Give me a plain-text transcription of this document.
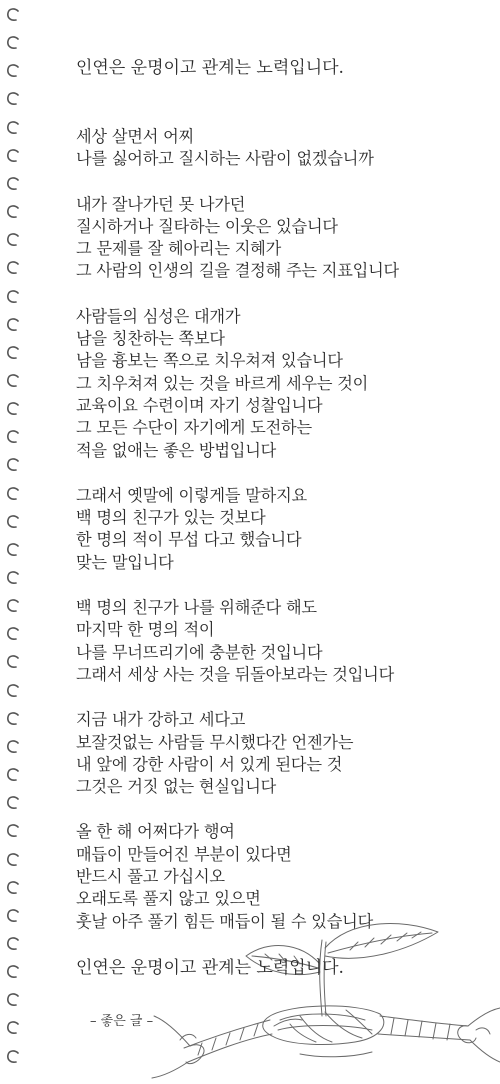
인연은 운명이고 관계는 노력입니다.
세상 살면서 어찌
나를 싫어하고 질시하는 사람이 없겠습니까
내가 잘나가던 못 나가던
질시하거나 질타하는 이웃은 있습니다
그 문제를 잘 헤아리는 지혜가
그 사람의 인생의 길을 결정해 주는 지표입니다
사람들의 심성은 대개가
남을 칭찬하는 쪽보다
남을 흉보는 쪽으로 치우쳐져 있습니다
그 치우쳐져 있는 것을 바르게 세우는 것이
교육이요 수련이며 자기 성찰입니다
그 모든 수단이 자기에게 도전하는
적을 없애는 좋은 방법입니다
그래서 옛말에 이렇게들 말하지요
백 명의 친구가 있는 것보다
한 명의 적이 무섭 다고 했습니다
맞는 말입니다
백 명의 친구가 나를 위해준다 해도
마지막 한 명의 적이
나를 무너뜨리기에 충분한 것입니다
그래서 세상 사는 것을 뒤돌아보라는 것입니다
지금 내가 강하고 세다고
보잘것없는 사람들 무시했다간 언젠가는
내 앞에 강한 사람이 서 있게 된다는 것
그것은 거짓 없는 현실입니다
올 한 해 어쩌다가 행여
매듭이 만들어진 부분이 있다면
반드시 풀고 가십시오
오래도록 풀지 않고 있으면
훗날 아주 풀기 힘든 매듭이 될 수 있습니다
인연은 운명이고 관계는 노력입니다.
– 좋은 글 –
